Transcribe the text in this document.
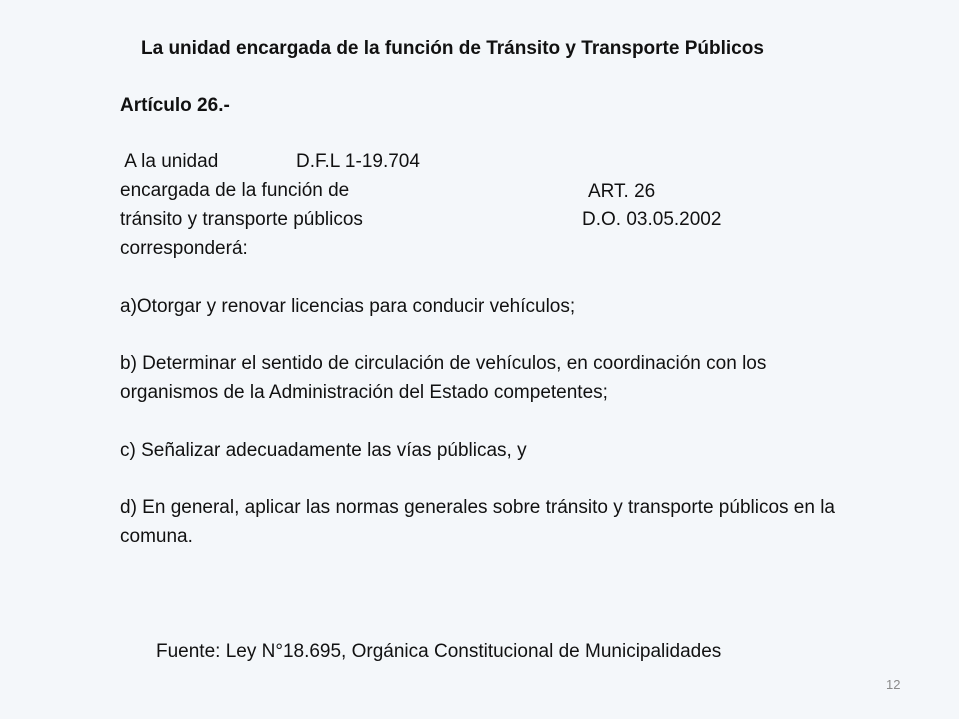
La unidad encargada de la función de Tránsito y Transporte Públicos
Artículo 26.-
A la unidad
encargada de la función de
tránsito y transporte públicos
corresponderá:
D.F.L 1-19.704
ART. 26
D.O. 03.05.2002
a)Otorgar y renovar licencias para conducir vehículos;
b) Determinar el sentido de circulación de vehículos, en coordinación con los
organismos de la Administración del Estado competentes;
c) Señalizar adecuadamente las vías públicas, y
d) En general, aplicar las normas generales sobre tránsito y transporte públicos en la
comuna.
Fuente: Ley N°18.695, Orgánica Constitucional de Municipalidades
12
